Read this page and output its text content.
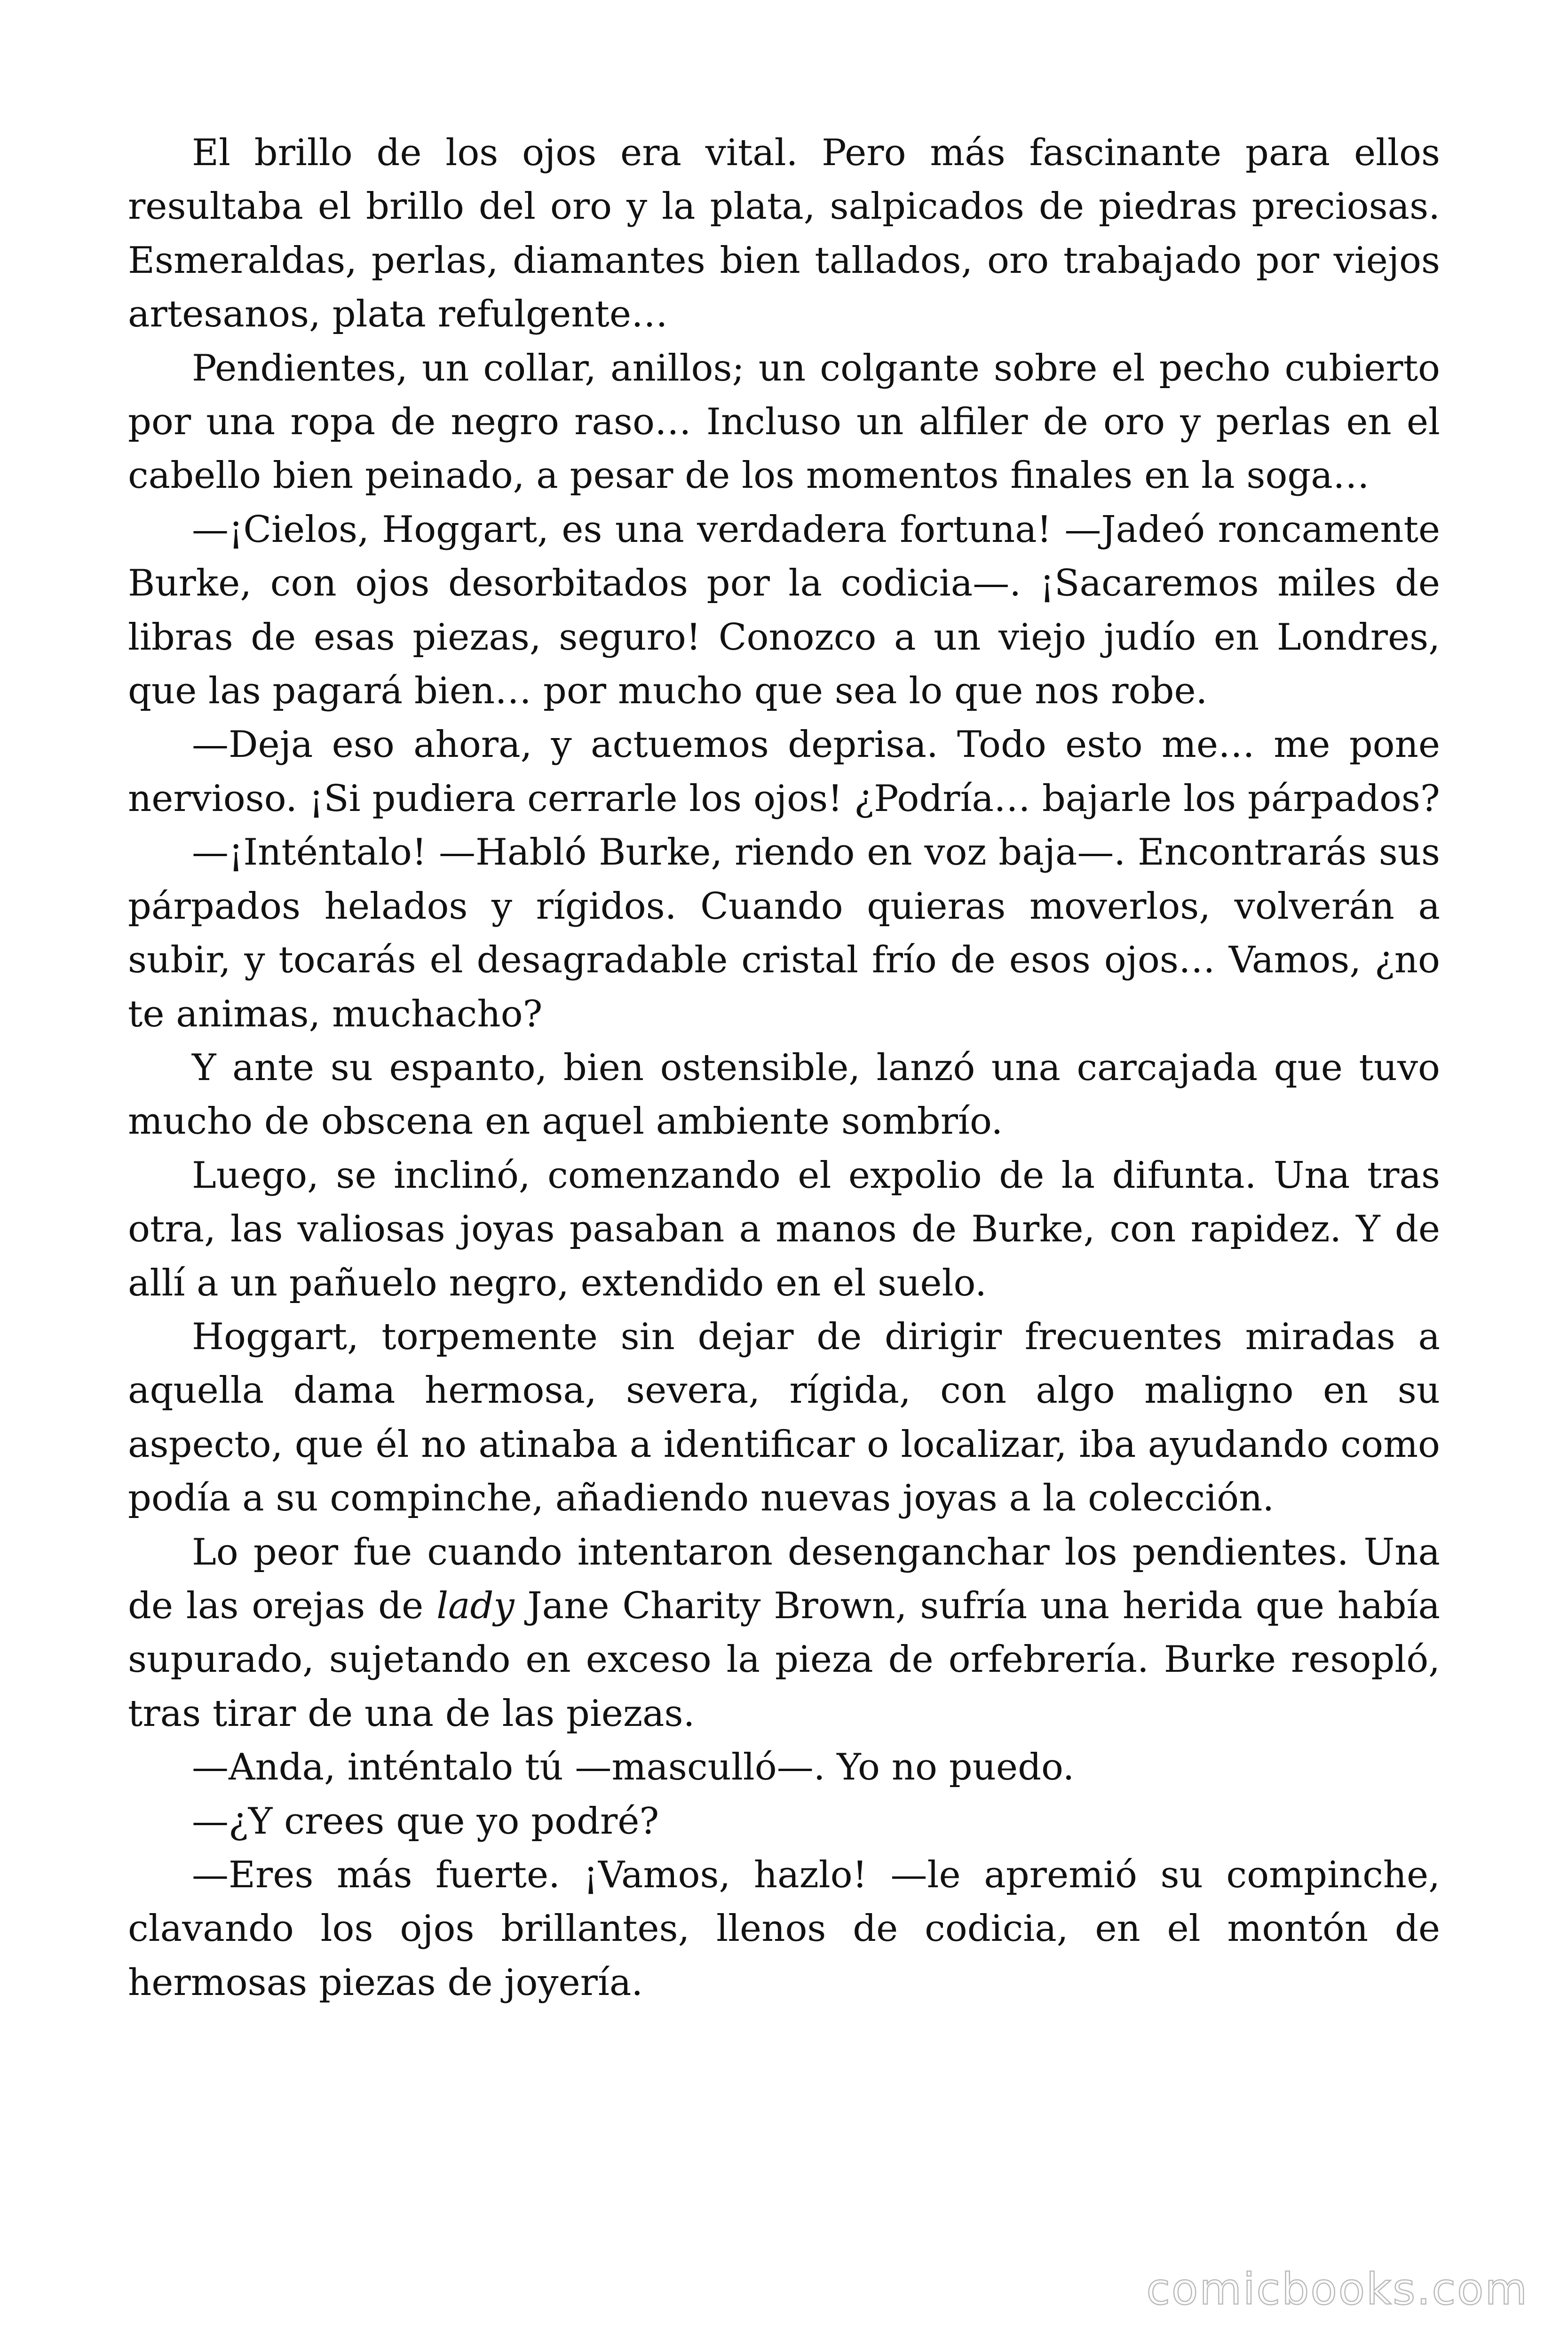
El brillo de los ojos era vital. Pero más fascinante para ellos resultaba el brillo del oro y la plata, salpicados de piedras preciosas. Esmeraldas, perlas, diamantes bien tallados, oro trabajado por viejos artesanos, plata refulgente…

Pendientes, un collar, anillos; un colgante sobre el pecho cubierto por una ropa de negro raso… Incluso un alfiler de oro y perlas en el cabello bien peinado, a pesar de los momentos finales en la soga…

—¡Cielos, Hoggart, es una verdadera fortuna! —Jadeó roncamente Burke, con ojos desorbitados por la codicia—. ¡Sacaremos miles de libras de esas piezas, seguro! Conozco a un viejo judío en Londres, que las pagará bien… por mucho que sea lo que nos robe.

—Deja eso ahora, y actuemos deprisa. Todo esto me… me pone nervioso. ¡Si pudiera cerrarle los ojos! ¿Podría… bajarle los párpados?

—¡Inténtalo! —Habló Burke, riendo en voz baja—. Encontrarás sus párpados helados y rígidos. Cuando quieras moverlos, volverán a subir, y tocarás el desagradable cristal frío de esos ojos… Vamos, ¿no te animas, muchacho?

Y ante su espanto, bien ostensible, lanzó una carcajada que tuvo mucho de obscena en aquel ambiente sombrío.

Luego, se inclinó, comenzando el expolio de la difunta. Una tras otra, las valiosas joyas pasaban a manos de Burke, con rapidez. Y de allí a un pañuelo negro, extendido en el suelo.

Hoggart, torpemente sin dejar de dirigir frecuentes miradas a aquella dama hermosa, severa, rígida, con algo maligno en su aspecto, que él no atinaba a identificar o localizar, iba ayudando como podía a su compinche, añadiendo nuevas joyas a la colección.

Lo peor fue cuando intentaron desenganchar los pendientes. Una de las orejas de lady Jane Charity Brown, sufría una herida que había supurado, sujetando en exceso la pieza de orfebrería. Burke resopló, tras tirar de una de las piezas.

—Anda, inténtalo tú —masculló—. Yo no puedo.

—¿Y crees que yo podré?

—Eres más fuerte. ¡Vamos, hazlo! —le apremió su compinche, clavando los ojos brillantes, llenos de codicia, en el montón de hermosas piezas de joyería.

comicbooks.com
